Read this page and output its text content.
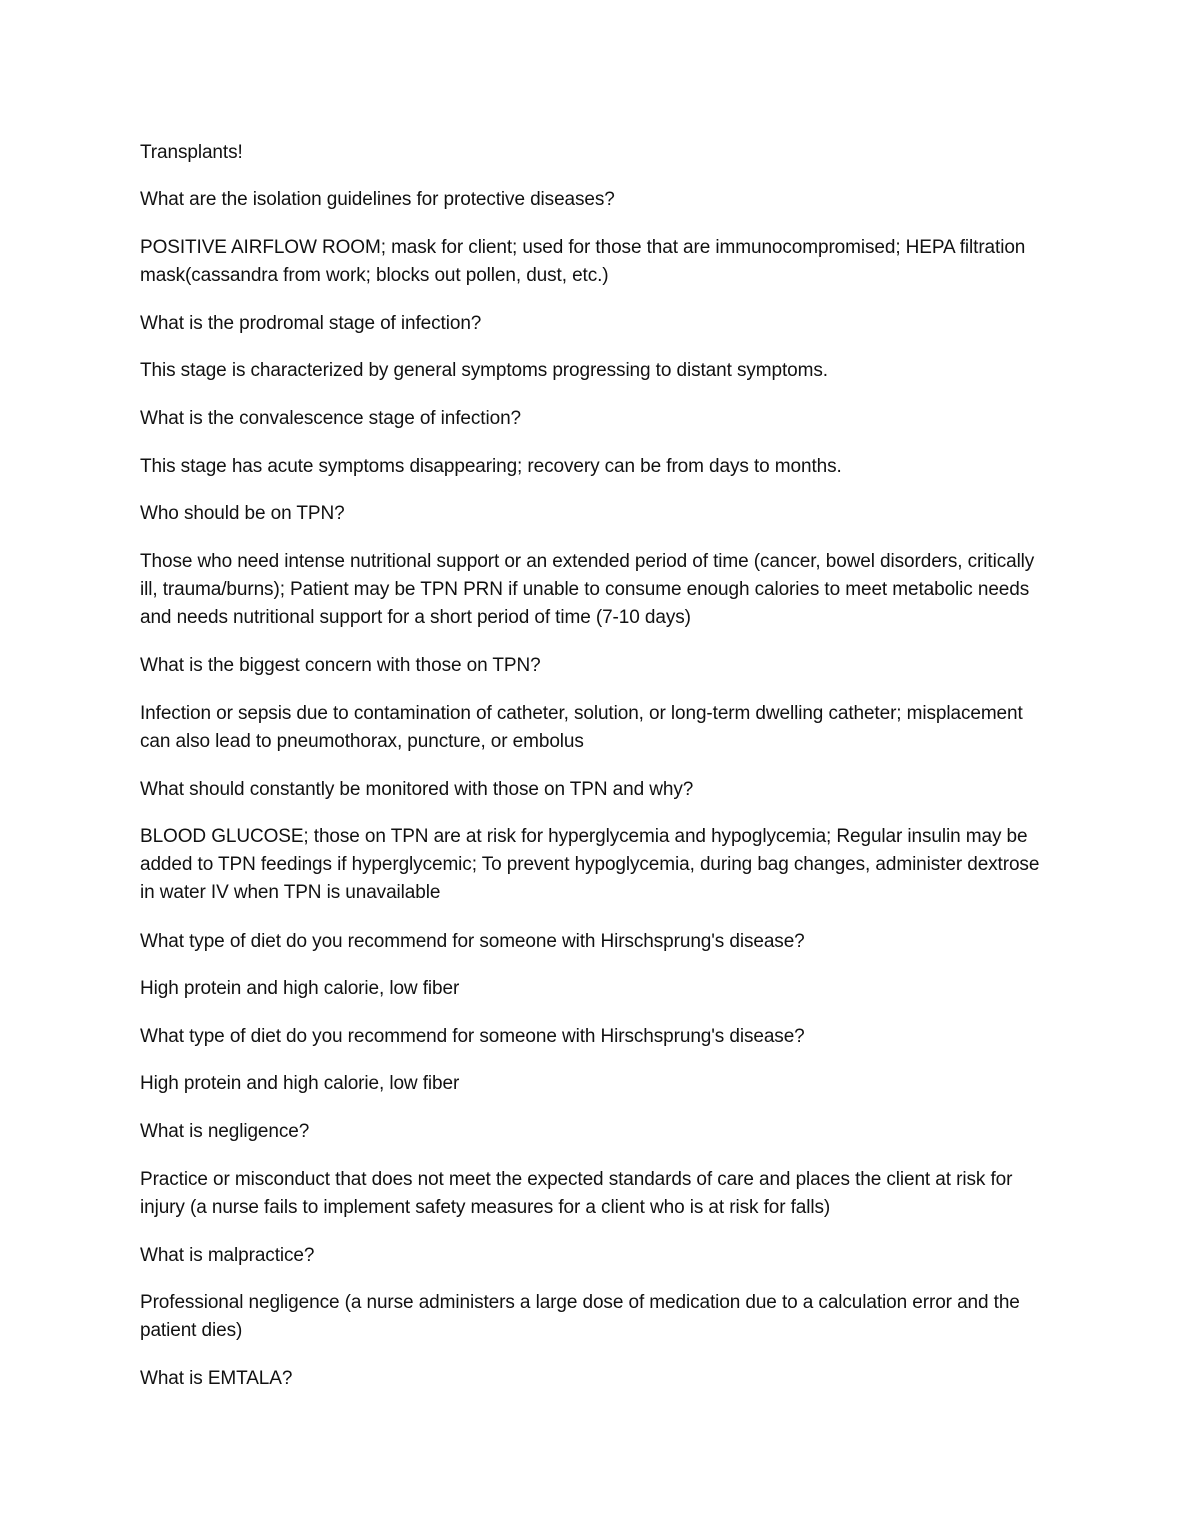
Transplants!

What are the isolation guidelines for protective diseases?

POSITIVE AIRFLOW ROOM; mask for client; used for those that are immunocompromised; HEPA filtration mask(cassandra from work; blocks out pollen, dust, etc.)

What is the prodromal stage of infection?

This stage is characterized by general symptoms progressing to distant symptoms.

What is the convalescence stage of infection?

This stage has acute symptoms disappearing; recovery can be from days to months.

Who should be on TPN?

Those who need intense nutritional support or an extended period of time (cancer, bowel disorders, critically ill, trauma/burns); Patient may be TPN PRN if unable to consume enough calories to meet metabolic needs and needs nutritional support for a short period of time (7-10 days)

What is the biggest concern with those on TPN?

Infection or sepsis due to contamination of catheter, solution, or long-term dwelling catheter; misplacement can also lead to pneumothorax, puncture, or embolus

What should constantly be monitored with those on TPN and why?

BLOOD GLUCOSE; those on TPN are at risk for hyperglycemia and hypoglycemia; Regular insulin may be added to TPN feedings if hyperglycemic; To prevent hypoglycemia, during bag changes, administer dextrose in water IV when TPN is unavailable

What type of diet do you recommend for someone with Hirschsprung's disease?

High protein and high calorie, low fiber

What type of diet do you recommend for someone with Hirschsprung's disease?

High protein and high calorie, low fiber

What is negligence?

Practice or misconduct that does not meet the expected standards of care and places the client at risk for injury (a nurse fails to implement safety measures for a client who is at risk for falls)

What is malpractice?

Professional negligence (a nurse administers a large dose of medication due to a calculation error and the patient dies)

What is EMTALA?
